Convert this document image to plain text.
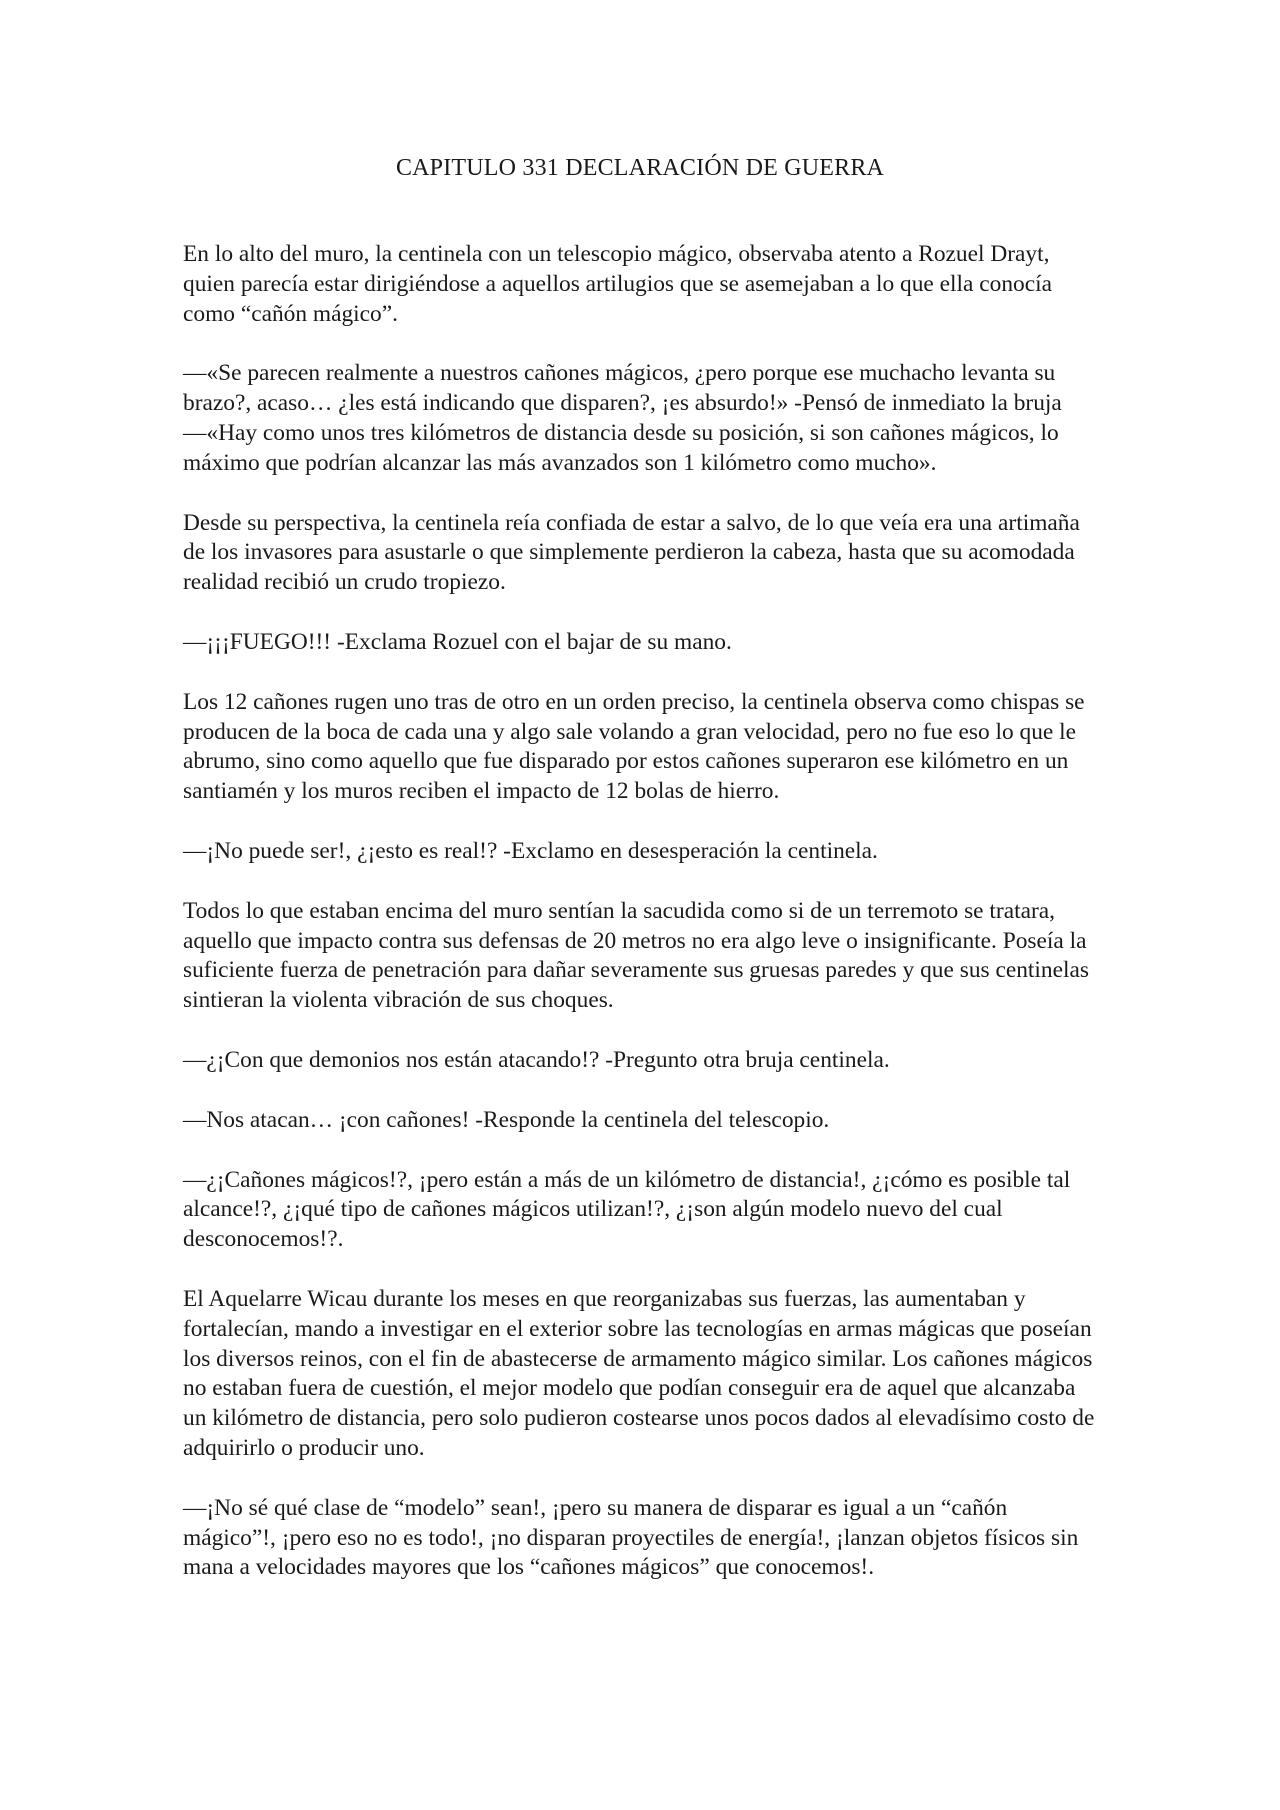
CAPITULO 331 DECLARACIÓN DE GUERRA

En lo alto del muro, la centinela con un telescopio mágico, observaba atento a Rozuel Drayt, quien parecía estar dirigiéndose a aquellos artilugios que se asemejaban a lo que ella conocía como “cañón mágico”.

—«Se parecen realmente a nuestros cañones mágicos, ¿pero porque ese muchacho levanta su brazo?, acaso… ¿les está indicando que disparen?, ¡es absurdo!» -Pensó de inmediato la bruja —«Hay como unos tres kilómetros de distancia desde su posición, si son cañones mágicos, lo máximo que podrían alcanzar las más avanzados son 1 kilómetro como mucho».

Desde su perspectiva, la centinela reía confiada de estar a salvo, de lo que veía era una artimaña de los invasores para asustarle o que simplemente perdieron la cabeza, hasta que su acomodada realidad recibió un crudo tropiezo.

—¡¡¡FUEGO!!! -Exclama Rozuel con el bajar de su mano.

Los 12 cañones rugen uno tras de otro en un orden preciso, la centinela observa como chispas se producen de la boca de cada una y algo sale volando a gran velocidad, pero no fue eso lo que le abrumo, sino como aquello que fue disparado por estos cañones superaron ese kilómetro en un santiamén y los muros reciben el impacto de 12 bolas de hierro.

—¡No puede ser!, ¿¡esto es real!? -Exclamo en desesperación la centinela.

Todos lo que estaban encima del muro sentían la sacudida como si de un terremoto se tratara, aquello que impacto contra sus defensas de 20 metros no era algo leve o insignificante. Poseía la suficiente fuerza de penetración para dañar severamente sus gruesas paredes y que sus centinelas sintieran la violenta vibración de sus choques.

—¿¡Con que demonios nos están atacando!? -Pregunto otra bruja centinela.

—Nos atacan… ¡con cañones! -Responde la centinela del telescopio.

—¿¡Cañones mágicos!?, ¡pero están a más de un kilómetro de distancia!, ¿¡cómo es posible tal alcance!?, ¿¡qué tipo de cañones mágicos utilizan!?, ¿¡son algún modelo nuevo del cual desconocemos!?.

El Aquelarre Wicau durante los meses en que reorganizabas sus fuerzas, las aumentaban y fortalecían, mando a investigar en el exterior sobre las tecnologías en armas mágicas que poseían los diversos reinos, con el fin de abastecerse de armamento mágico similar. Los cañones mágicos no estaban fuera de cuestión, el mejor modelo que podían conseguir era de aquel que alcanzaba un kilómetro de distancia, pero solo pudieron costearse unos pocos dados al elevadísimo costo de adquirirlo o producir uno.

—¡No sé qué clase de “modelo” sean!, ¡pero su manera de disparar es igual a un “cañón mágico”!, ¡pero eso no es todo!, ¡no disparan proyectiles de energía!, ¡lanzan objetos físicos sin mana a velocidades mayores que los “cañones mágicos” que conocemos!.
